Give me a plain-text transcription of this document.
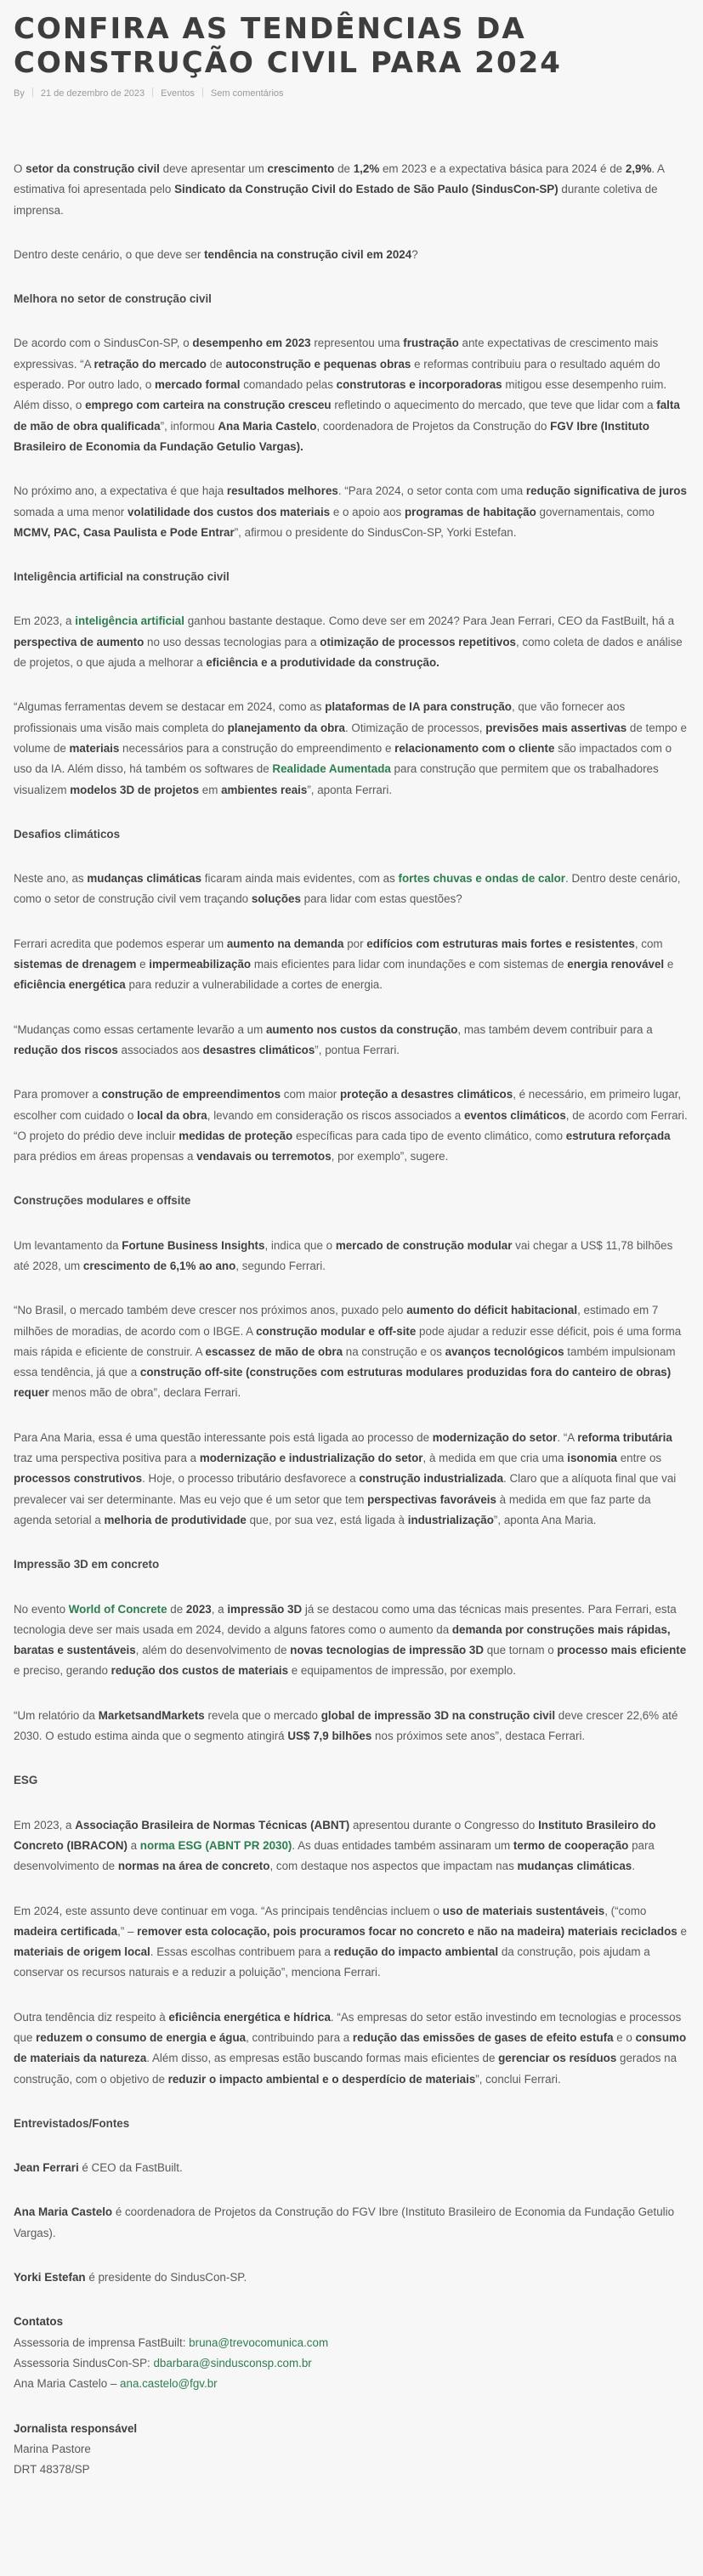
CONFIRA AS TENDÊNCIAS DA CONSTRUÇÃO CIVIL PARA 2024
By 21 de dezembro de 2023 Eventos Sem comentários

O setor da construção civil deve apresentar um crescimento de 1,2% em 2023 e a expectativa básica para 2024 é de 2,9%. A estimativa foi apresentada pelo Sindicato da Construção Civil do Estado de São Paulo (SindusCon-SP) durante coletiva de imprensa.

Dentro deste cenário, o que deve ser tendência na construção civil em 2024?

Melhora no setor de construção civil

De acordo com o SindusCon-SP, o desempenho em 2023 representou uma frustração ante expectativas de crescimento mais expressivas. “A retração do mercado de autoconstrução e pequenas obras e reformas contribuiu para o resultado aquém do esperado. Por outro lado, o mercado formal comandado pelas construtoras e incorporadoras mitigou esse desempenho ruim. Além disso, o emprego com carteira na construção cresceu refletindo o aquecimento do mercado, que teve que lidar com a falta de mão de obra qualificada”, informou Ana Maria Castelo, coordenadora de Projetos da Construção do FGV Ibre (Instituto Brasileiro de Economia da Fundação Getulio Vargas).

No próximo ano, a expectativa é que haja resultados melhores. “Para 2024, o setor conta com uma redução significativa de juros somada a uma menor volatilidade dos custos dos materiais e o apoio aos programas de habitação governamentais, como MCMV, PAC, Casa Paulista e Pode Entrar”, afirmou o presidente do SindusCon-SP, Yorki Estefan.

Inteligência artificial na construção civil

Em 2023, a inteligência artificial ganhou bastante destaque. Como deve ser em 2024? Para Jean Ferrari, CEO da FastBuilt, há a perspectiva de aumento no uso dessas tecnologias para a otimização de processos repetitivos, como coleta de dados e análise de projetos, o que ajuda a melhorar a eficiência e a produtividade da construção.

“Algumas ferramentas devem se destacar em 2024, como as plataformas de IA para construção, que vão fornecer aos profissionais uma visão mais completa do planejamento da obra. Otimização de processos, previsões mais assertivas de tempo e volume de materiais necessários para a construção do empreendimento e relacionamento com o cliente são impactados com o uso da IA. Além disso, há também os softwares de Realidade Aumentada para construção que permitem que os trabalhadores visualizem modelos 3D de projetos em ambientes reais”, aponta Ferrari.

Desafios climáticos

Neste ano, as mudanças climáticas ficaram ainda mais evidentes, com as fortes chuvas e ondas de calor. Dentro deste cenário, como o setor de construção civil vem traçando soluções para lidar com estas questões?

Ferrari acredita que podemos esperar um aumento na demanda por edifícios com estruturas mais fortes e resistentes, com sistemas de drenagem e impermeabilização mais eficientes para lidar com inundações e com sistemas de energia renovável e eficiência energética para reduzir a vulnerabilidade a cortes de energia.

“Mudanças como essas certamente levarão a um aumento nos custos da construção, mas também devem contribuir para a redução dos riscos associados aos desastres climáticos”, pontua Ferrari.

Para promover a construção de empreendimentos com maior proteção a desastres climáticos, é necessário, em primeiro lugar, escolher com cuidado o local da obra, levando em consideração os riscos associados a eventos climáticos, de acordo com Ferrari. “O projeto do prédio deve incluir medidas de proteção específicas para cada tipo de evento climático, como estrutura reforçada para prédios em áreas propensas a vendavais ou terremotos, por exemplo”, sugere.

Construções modulares e offsite

Um levantamento da Fortune Business Insights, indica que o mercado de construção modular vai chegar a US$ 11,78 bilhões até 2028, um crescimento de 6,1% ao ano, segundo Ferrari.

“No Brasil, o mercado também deve crescer nos próximos anos, puxado pelo aumento do déficit habitacional, estimado em 7 milhões de moradias, de acordo com o IBGE. A construção modular e off-site pode ajudar a reduzir esse déficit, pois é uma forma mais rápida e eficiente de construir. A escassez de mão de obra na construção e os avanços tecnológicos também impulsionam essa tendência, já que a construção off-site (construções com estruturas modulares produzidas fora do canteiro de obras) requer menos mão de obra”, declara Ferrari.

Para Ana Maria, essa é uma questão interessante pois está ligada ao processo de modernização do setor. “A reforma tributária traz uma perspectiva positiva para a modernização e industrialização do setor, à medida em que cria uma isonomia entre os processos construtivos. Hoje, o processo tributário desfavorece a construção industrializada. Claro que a alíquota final que vai prevalecer vai ser determinante. Mas eu vejo que é um setor que tem perspectivas favoráveis à medida em que faz parte da agenda setorial a melhoria de produtividade que, por sua vez, está ligada à industrialização”, aponta Ana Maria.

Impressão 3D em concreto

No evento World of Concrete de 2023, a impressão 3D já se destacou como uma das técnicas mais presentes. Para Ferrari, esta tecnologia deve ser mais usada em 2024, devido a alguns fatores como o aumento da demanda por construções mais rápidas, baratas e sustentáveis, além do desenvolvimento de novas tecnologias de impressão 3D que tornam o processo mais eficiente e preciso, gerando redução dos custos de materiais e equipamentos de impressão, por exemplo.

“Um relatório da MarketsandMarkets revela que o mercado global de impressão 3D na construção civil deve crescer 22,6% até 2030. O estudo estima ainda que o segmento atingirá US$ 7,9 bilhões nos próximos sete anos”, destaca Ferrari.

ESG

Em 2023, a Associação Brasileira de Normas Técnicas (ABNT) apresentou durante o Congresso do Instituto Brasileiro do Concreto (IBRACON) a norma ESG (ABNT PR 2030). As duas entidades também assinaram um termo de cooperação para desenvolvimento de normas na área de concreto, com destaque nos aspectos que impactam nas mudanças climáticas.

Em 2024, este assunto deve continuar em voga. “As principais tendências incluem o uso de materiais sustentáveis, (“como madeira certificada,” – remover esta colocação, pois procuramos focar no concreto e não na madeira) materiais reciclados e materiais de origem local. Essas escolhas contribuem para a redução do impacto ambiental da construção, pois ajudam a conservar os recursos naturais e a reduzir a poluição”, menciona Ferrari.

Outra tendência diz respeito à eficiência energética e hídrica. “As empresas do setor estão investindo em tecnologias e processos que reduzem o consumo de energia e água, contribuindo para a redução das emissões de gases de efeito estufa e o consumo de materiais da natureza. Além disso, as empresas estão buscando formas mais eficientes de gerenciar os resíduos gerados na construção, com o objetivo de reduzir o impacto ambiental e o desperdício de materiais”, conclui Ferrari.

Entrevistados/Fontes

Jean Ferrari é CEO da FastBuilt.

Ana Maria Castelo é coordenadora de Projetos da Construção do FGV Ibre (Instituto Brasileiro de Economia da Fundação Getulio Vargas).

Yorki Estefan é presidente do SindusCon-SP.

Contatos

Assessoria de imprensa FastBuilt: bruna@trevocomunica.com

Assessoria SindusCon-SP: dbarbara@sindusconsp.com.br

Ana Maria Castelo – ana.castelo@fgv.br

Jornalista responsável

Marina Pastore

DRT 48378/SP
